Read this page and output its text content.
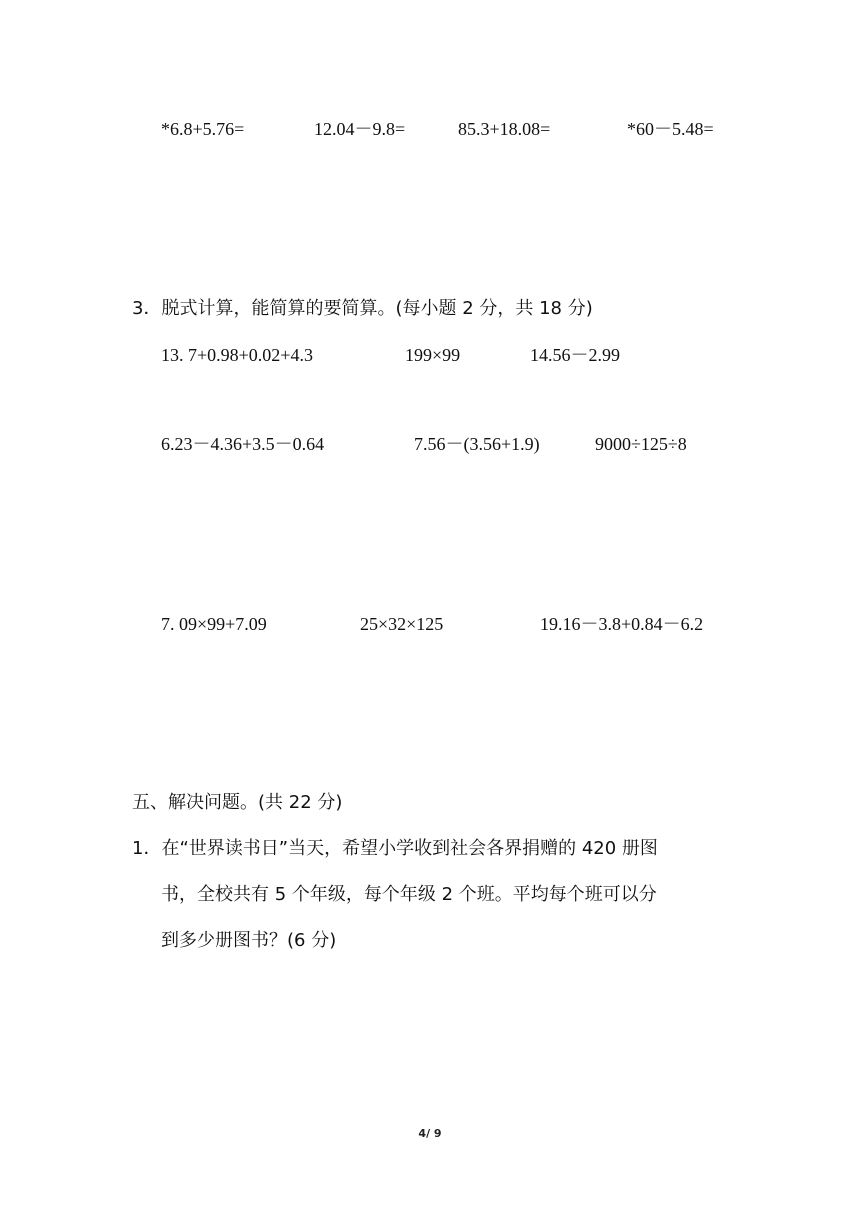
*6.8+5.76=	12.04－9.8=	85.3+18.08=	*60－5.48=
3．脱式计算，能简算的要简算。(每小题 2 分，共 18 分)
13. 7+0.98+0.02+4.3	199×99	14.56－2.99
6.23－4.36+3.5－0.64	7.56－(3.56+1.9)	9000÷125÷8
7. 09×99+7.09	25×32×125	19.16－3.8+0.84－6.2
五、解决问题。(共 22 分)
1．在“世界读书日”当天，希望小学收到社会各界捐赠的 420 册图
书，全校共有 5 个年级，每个年级 2 个班。平均每个班可以分
到多少册图书？(6 分)
4/ 9
